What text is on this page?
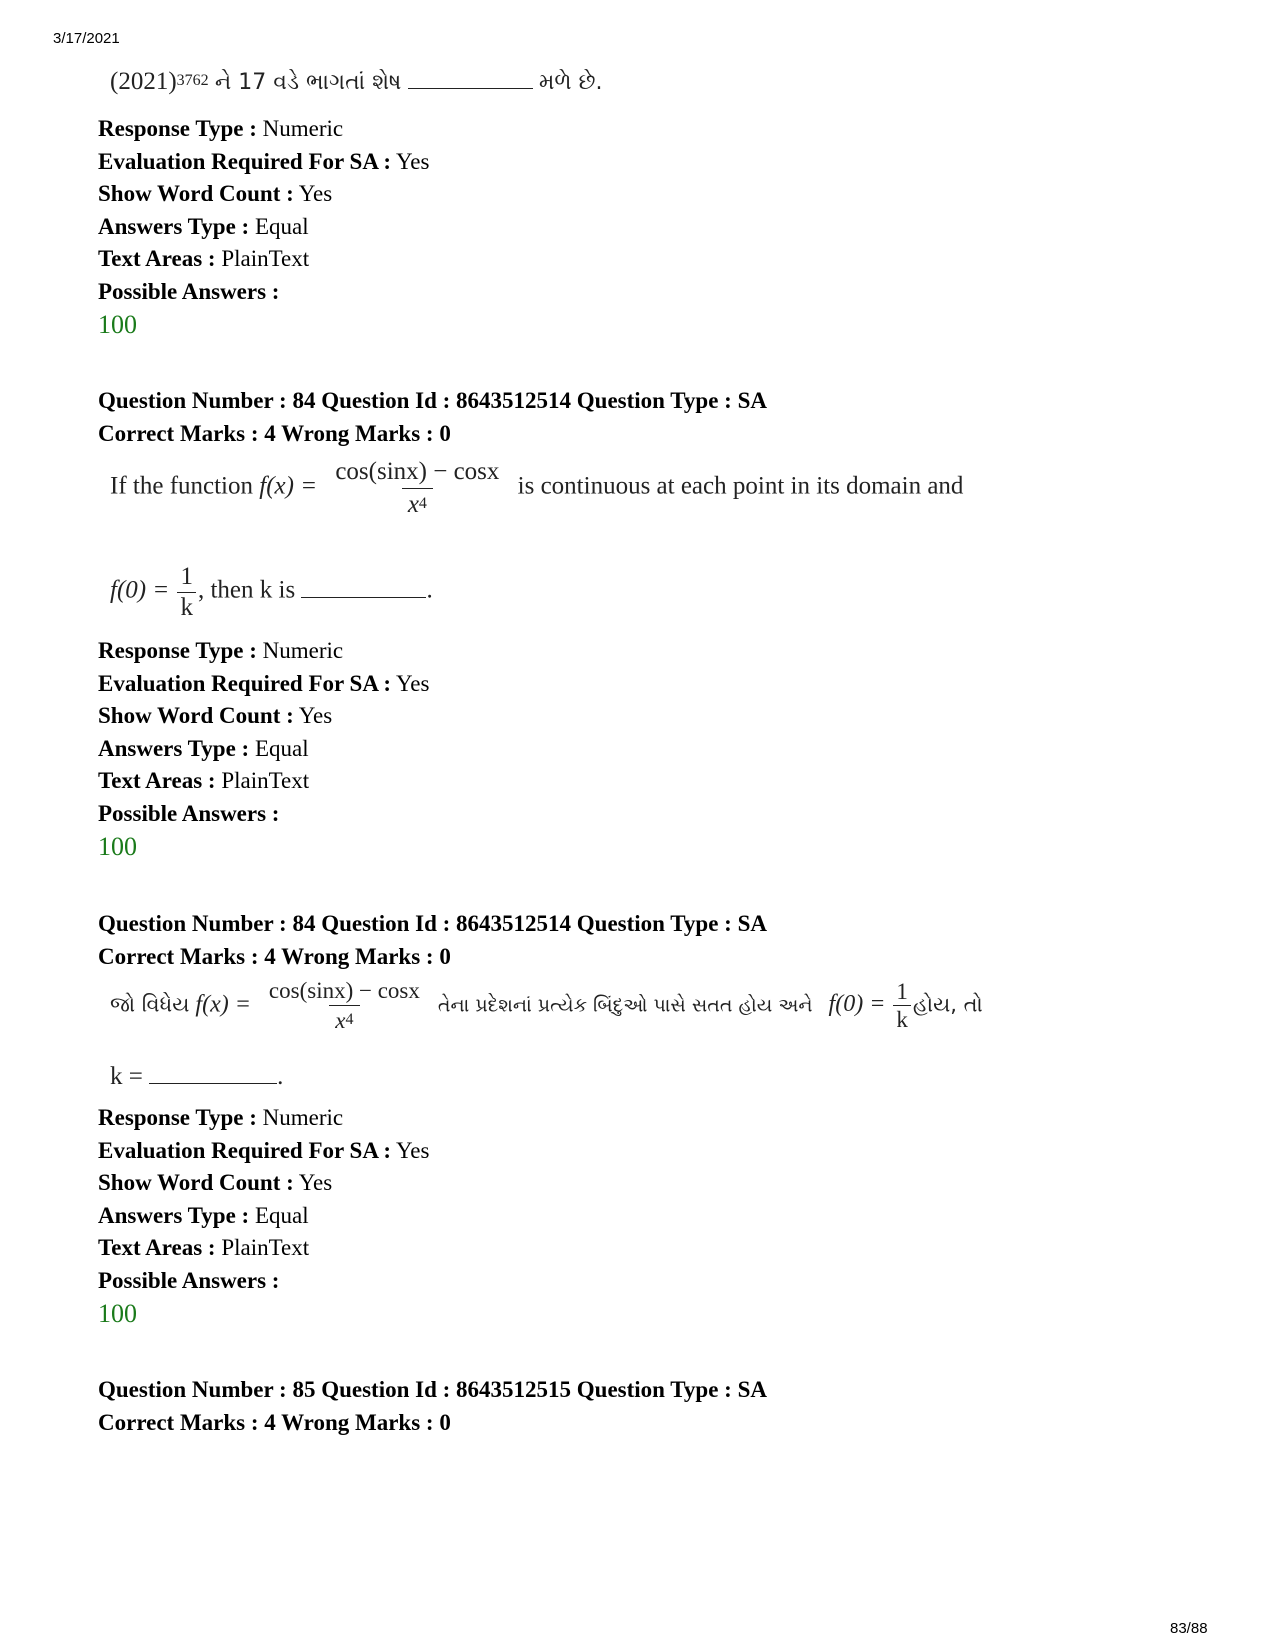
3/17/2021
$(2021)^{3762}$ ને 17 વડે ભાગતાં શેષ	મળે છે.
Response Type : Numeric
Evaluation Required For SA : Yes
Show Word Count : Yes
Answers Type : Equal
Text Areas : PlainText
Possible Answers :
100
Question Number : 84 Question Id : 8643512514 Question Type : SA
Correct Marks : 4 Wrong Marks : 0
If the function $f(x) = \frac{\cos(\sin x) - \cos x}{x^4}$ is continuous at each point in its domain and
$f(0) = \frac{1}{k}$ , then k is	.
Response Type : Numeric
Evaluation Required For SA : Yes
Show Word Count : Yes
Answers Type : Equal
Text Areas : PlainText
Possible Answers :
100
Question Number : 84 Question Id : 8643512514 Question Type : SA
Correct Marks : 4 Wrong Marks : 0
જો વિધેય $f(x) = \frac{\cos(\sin x) - \cos x}{x^4}$ તેના પ્રદેશનાં પ્રત્યેક બિંદુઓ પાસે સતત હોય અને $f(0) = \frac{1}{k}$ હોય, તો
k =	.
Response Type : Numeric
Evaluation Required For SA : Yes
Show Word Count : Yes
Answers Type : Equal
Text Areas : PlainText
Possible Answers :
100
Question Number : 85 Question Id : 8643512515 Question Type : SA
Correct Marks : 4 Wrong Marks : 0
83/88
